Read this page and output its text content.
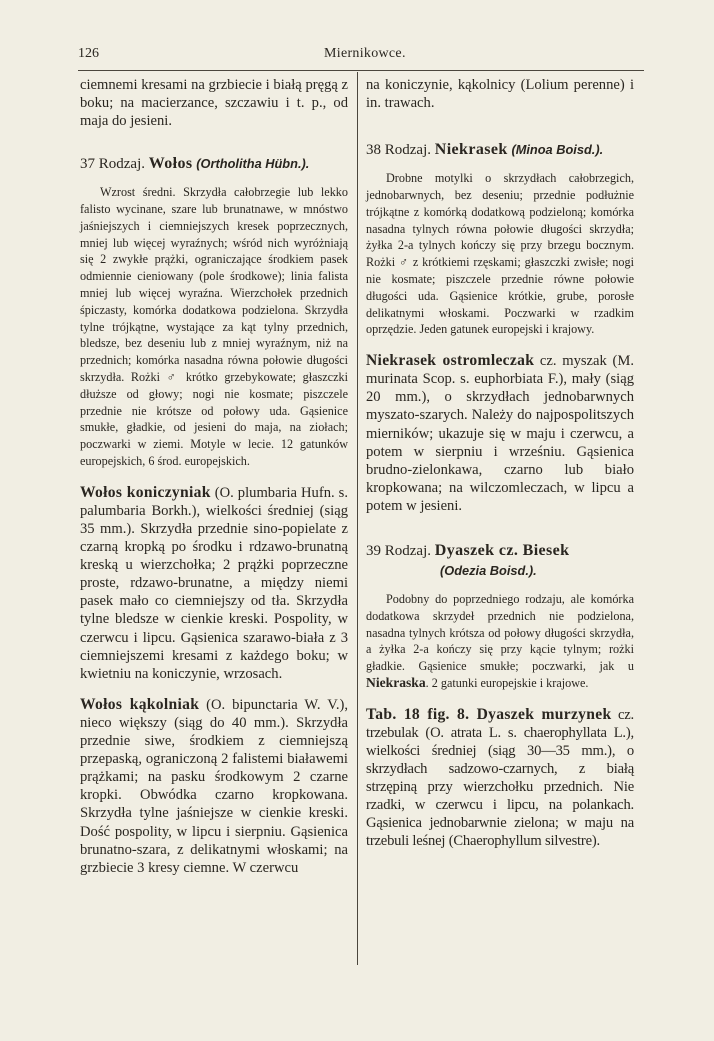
126	Miernikowce.

ciemnemi kresami na grzbiecie i białą pręgą z boku; na macierzance, szczawiu i t. p., od maja do jesieni.

37 Rodzaj. Wołos (Ortholitha Hübn.).

Wzrost średni. Skrzydła całobrzegie lub lekko falisto wycinane, szare lub brunatnawe, w mnóstwo jaśniejszych i ciemniejszych kresek poprzecznych, mniej lub więcej wyraźnych; wśród nich wyróżniają się 2 zwykłe prążki, ograniczające środkiem pasek odmiennie cieniowany (pole środkowe); linia falista mniej lub więcej wyraźna. Wierzchołek przednich śpiczasty, komórka dodatkowa podzielona. Skrzydła tylne trójkątne, wystające za kąt tylny przednich, bledsze, bez deseniu lub z mniej wyraźnym, niż na przednich; komórka nasadna równa połowie długości skrzydła. Rożki ♂ krótko grzebykowate; głaszczki dłuższe od głowy; nogi nie kosmate; piszczele przednie nie krótsze od połowy uda. Gąsienice smukłe, gładkie, od jesieni do maja, na ziołach; poczwarki w ziemi. Motyle w lecie. 12 gatunków europejskich, 6 środ. europejskich.

Wołos koniczyniak (O. plumbaria Hufn. s. palumbaria Borkh.), wielkości średniej (siąg 35 mm.). Skrzydła przednie sino-popielate z czarną kropką po środku i rdzawo-brunatną kreską u wierzchołka; 2 prążki poprzeczne proste, rdzawo-brunatne, a między niemi pasek mało co ciemniejszy od tła. Skrzydła tylne bledsze w cienkie kreski. Pospolity, w czerwcu i lipcu. Gąsienica szarawo-biała z 3 ciemniejszemi kresami z każdego boku; w kwietniu na koniczynie, wrzosach.

Wołos kąkolniak (O. bipunctaria W. V.), nieco większy (siąg do 40 mm.). Skrzydła przednie siwe, środkiem z ciemniejszą przepaską, ograniczoną 2 falistemi białawemi prążkami; na pasku środkowym 2 czarne kropki. Obwódka czarno kropkowana. Skrzydła tylne jaśniejsze w cienkie kreski. Dość pospolity, w lipcu i sierpniu. Gąsienica brunatno-szara, z delikatnymi włoskami; na grzbiecie 3 kresy ciemne. W czerwcu

na koniczynie, kąkolnicy (Lolium perenne) i in. trawach.

38 Rodzaj. Niekrasek (Minoa Boisd.).

Drobne motylki o skrzydłach całobrzegich, jednobarwnych, bez deseniu; przednie podłużnie trójkątne z komórką dodatkową podzieloną; komórka nasadna tylnych równa połowie długości skrzydła; żyłka 2-a tylnych kończy się przy brzegu bocznym. Rożki ♂ z krótkiemi rzęskami; głaszczki zwisłe; nogi nie kosmate; piszczele przednie równe połowie długości uda. Gąsienice krótkie, grube, porosłe delikatnymi włoskami. Poczwarki w rzadkim oprzędzie. Jeden gatunek europejski i krajowy.

Niekrasek ostromleczak cz. myszak (M. murinata Scop. s. euphorbiata F.), mały (siąg 20 mm.), o skrzydłach jednobarwnych myszato-szarych. Należy do najpospolitszych mierników; ukazuje się w maju i czerwcu, a potem w sierpniu i wrześniu. Gąsienica brudno-zielonkawa, czarno lub biało kropkowana; na wilczomleczach, w lipcu a potem w jesieni.

39 Rodzaj. Dyaszek cz. Biesek
(Odezia Boisd.).

Podobny do poprzedniego rodzaju, ale komórka dodatkowa skrzydeł przednich nie podzielona, nasadna tylnych krótsza od połowy długości skrzydła, a żyłka 2-a kończy się przy kącie tylnym; rożki gładkie. Gąsienice smukłe; poczwarki, jak u Niekraska. 2 gatunki europejskie i krajowe.

Tab. 18 fig. 8. Dyaszek murzynek cz. trzebulak (O. atrata L. s. chaerophyllata L.), wielkości średniej (siąg 30—35 mm.), o skrzydłach sadzowo-czarnych, z białą strzępiną przy wierzchołku przednich. Nie rzadki, w czerwcu i lipcu, na polankach. Gąsienica jednobarwnie zielona; w maju na trzebuli leśnej (Chaerophyllum silvestre).
